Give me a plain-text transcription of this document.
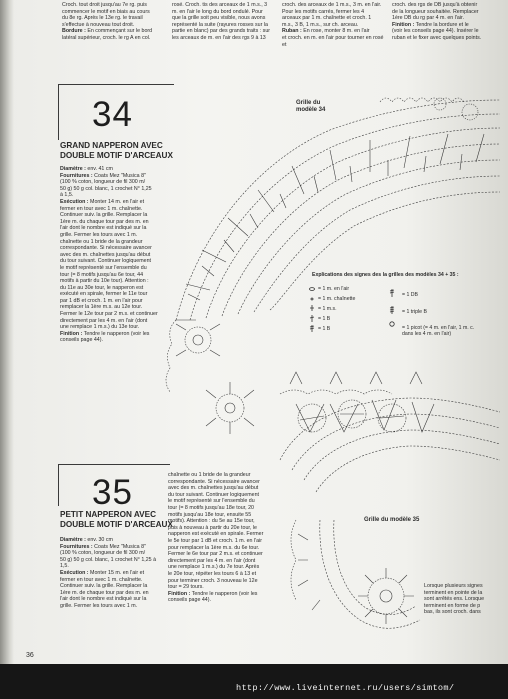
Croch. tout droit jusqu'au 7e rg. puis
commencer le motif en biais au cours
du 8e rg. Après le 13e rg. le travail
s'effectue à nouveau tout droit.
Bordure : En commençant sur le bord
latéral supérieur, croch. le rg A en col.
rosé. Croch. tis des arceaux de 1 m.s., 3
m. en l'air le long du bord ondulé. Pour
que la grille soit peu visible, nous avons
représenté la suite (rayures rosses sur la
partie en blanc) par des grands traits : sur
les arceaux de m. en l'air des rgs 9 à 13
croch. des arceaux de 1 m.s., 3 m. en l'air.
Pour les motifs carrés, fermer les 4
arceaux par 1 m. chaînette et croch. 1
m.s., 3 B, 1 m.s., sur ch. arceau.
Ruban : En rose, monter 8 m. en l'air
et croch. en m. en l'air pour tourner en rosé et
croch. des rgs de DB jusqu'à obtenir
de la longueur souhaitée. Remplacer
1ère DB du rg par 4 m. en l'air.
Finition : Tendre la bordure et le
(voir les conseils page 44). Insérer le
ruban et le fixer avec quelques points.
34
GRAND NAPPERON AVEC
DOUBLE MOTIF D'ARCEAUX
Diamètre : env. 41 cm
Fournitures : Coats Mez "Musica 8"
(100 % coton, longueur de fil 300 m/
50 g) 50 g col. blanc, 1 crochet N° 1,25
à 1,5.
Exécution : Monter 14 m. en l'air et
fermer en tour avec 1 m. chaînette.
Continuer suiv. la grille. Remplacer la
1ère m. du chaque tour par des m. en
l'air dont le nombre est indiqué sur la
grille. Fermer les tours avec 1 m.
chaînette ou 1 bride de la grandeur
correspondante. Si nécessaire avancer
avec des m. chaînettes jusqu'au début
du tour suivant. Continuer logiquement
le motif représenté sur l'ensemble du
tour (= 8 motifs jusqu'au 6e tour, 44
motifs à partir du 10e tour). Attention :
du 11e au 30e tour, le napperon est
exécuté en spirale, fermer le 11e tour
par 1 dB et croch. 1 m. en l'air pour
remplacer la 1ère m.s. au 12e tour.
Fermer le 12e tour par 2 m.s. et continuer
directement par les 4 m. en l'air (dont
une remplace 1 m.s.) du 13e tour.
Finition : Tendre le napperon (voir les
conseils page 44).
Grille du
modèle 34
Explications des signes des la grilles des modèles 34 + 35 :
= 1 m. en l'air
= 1 m. chaînette
= 1 m.s.
= 1 B
= 1 B
= 1 DB
= 1 triple B
= 1 picot (= 4 m. en l'air, 1 m. c.
dans les 4 m. en l'air)
35
PETIT NAPPERON AVEC
DOUBLE MOTIF D'ARCEAUX
Diamètre : env. 30 cm
Fournitures : Coats Mez "Musica 8"
(100 % coton, longueur de fil 300 m/
50 g) 50 g col. blanc, 1 crochet N° 1,25 à
1,5.
Exécution : Monter 15 m. en l'air et
fermer en tour avec 1 m. chaînette.
Continuer suiv. la grille. Remplacer la
1ère m. de chaque tour par des m. en
l'air dont le nombre est indiqué sur la
grille. Fermer les tours avec 1 m.
chaînette ou 1 bride de la grandeur
correspondante. Si nécessaire avancer
avec des m. chaînettes jusqu'au début
du tour suivant. Continuer logiquement
le motif représenté sur l'ensemble du
tour (= 8 motifs jusqu'au 18e tour, 20
motifs jusqu'au 18e tour, ensuite 55
motifs). Attention : du 5e au 15e tour,
puis à nouveau à partir du 20e tour, le
napperon est exécuté en spirale. Fermer
le 5e tour par 1 dB et croch. 1 m. en l'air
pour remplacer la 1ère m.s. du 6e tour.
Fermer le 6e tour par 2 m.s. et continuer
directement par les 4 m. en l'air (dont
une remplace 1 m.s.) du 7e tour. Après
le 20e tour, répéter les tours 6 à 13 et
pour terminer croch. 3 nouveau le 12e
tour = 29 tours.
Finition : Tendre le napperon (voir les
conseils page 44).
Grille du modèle 35
Lorsque plusieurs signes
terminent en pointe de la
sont arrêtés ens. Lorsque
terminent en forme de p
bas, ils sont croch. dans
36
http://www.liveinternet.ru/users/simtom/
